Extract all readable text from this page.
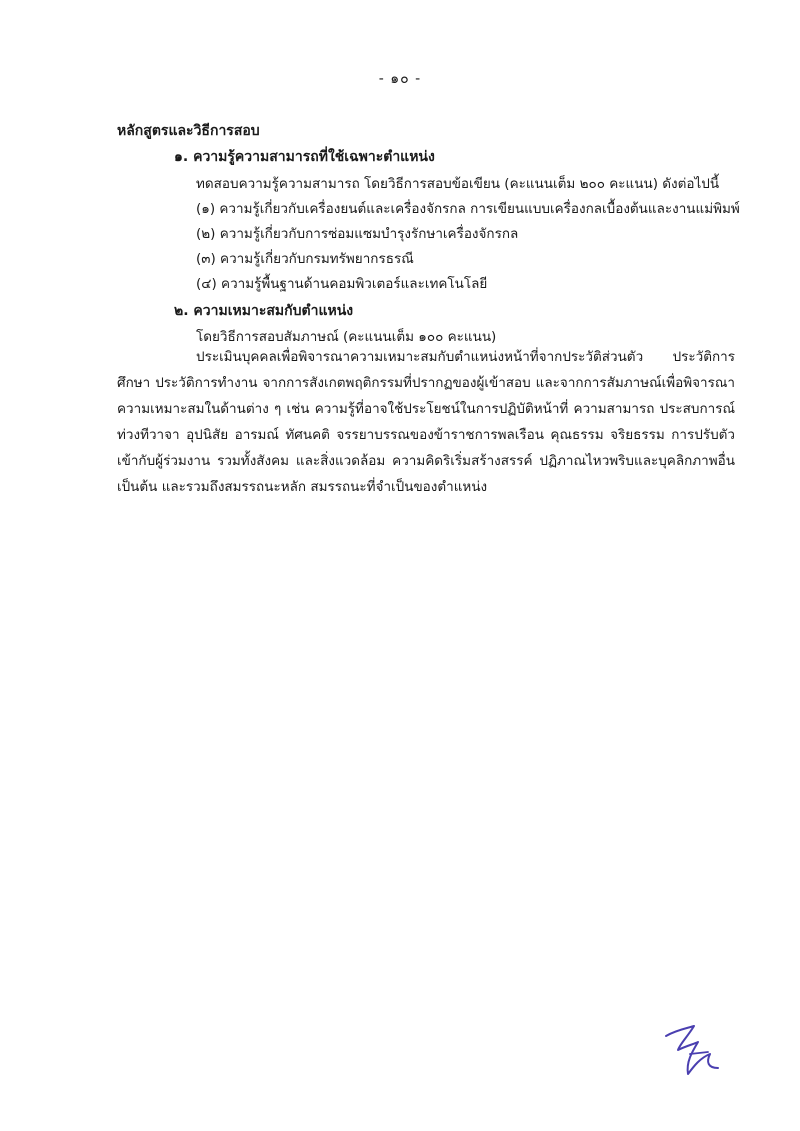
- ๑๐ -
หลักสูตรและวิธีการสอบ
๑. ความรู้ความสามารถที่ใช้เฉพาะตำแหน่ง
ทดสอบความรู้ความสามารถ โดยวิธีการสอบข้อเขียน (คะแนนเต็ม ๒๐๐ คะแนน) ดังต่อไปนี้
(๑) ความรู้เกี่ยวกับเครื่องยนต์และเครื่องจักรกล การเขียนแบบเครื่องกลเบื้องต้นและงานแม่พิมพ์
(๒) ความรู้เกี่ยวกับการซ่อมแซมบำรุงรักษาเครื่องจักรกล
(๓) ความรู้เกี่ยวกับกรมทรัพยากรธรณี
(๔) ความรู้พื้นฐานด้านคอมพิวเตอร์และเทคโนโลยี
๒. ความเหมาะสมกับตำแหน่ง
โดยวิธีการสอบสัมภาษณ์ (คะแนนเต็ม ๑๐๐ คะแนน)
ประเมินบุคคลเพื่อพิจารณาความเหมาะสมกับตำแหน่งหน้าที่จากประวัติส่วนตัว ประวัติการศึกษา ประวัติการทำงาน จากการสังเกตพฤติกรรมที่ปรากฏของผู้เข้าสอบ และจากการสัมภาษณ์เพื่อพิจารณาความเหมาะสมในด้านต่าง ๆ เช่น ความรู้ที่อาจใช้ประโยชน์ในการปฏิบัติหน้าที่ ความสามารถ ประสบการณ์ ท่วงทีวาจา อุปนิสัย อารมณ์ ทัศนคติ จรรยาบรรณของข้าราชการพลเรือน คุณธรรม จริยธรรม การปรับตัวเข้ากับผู้ร่วมงาน รวมทั้งสังคม และสิ่งแวดล้อม ความคิดริเริ่มสร้างสรรค์ ปฏิภาณไหวพริบและบุคลิกภาพอื่น เป็นต้น และรวมถึงสมรรถนะหลัก สมรรถนะที่จำเป็นของตำแหน่ง
